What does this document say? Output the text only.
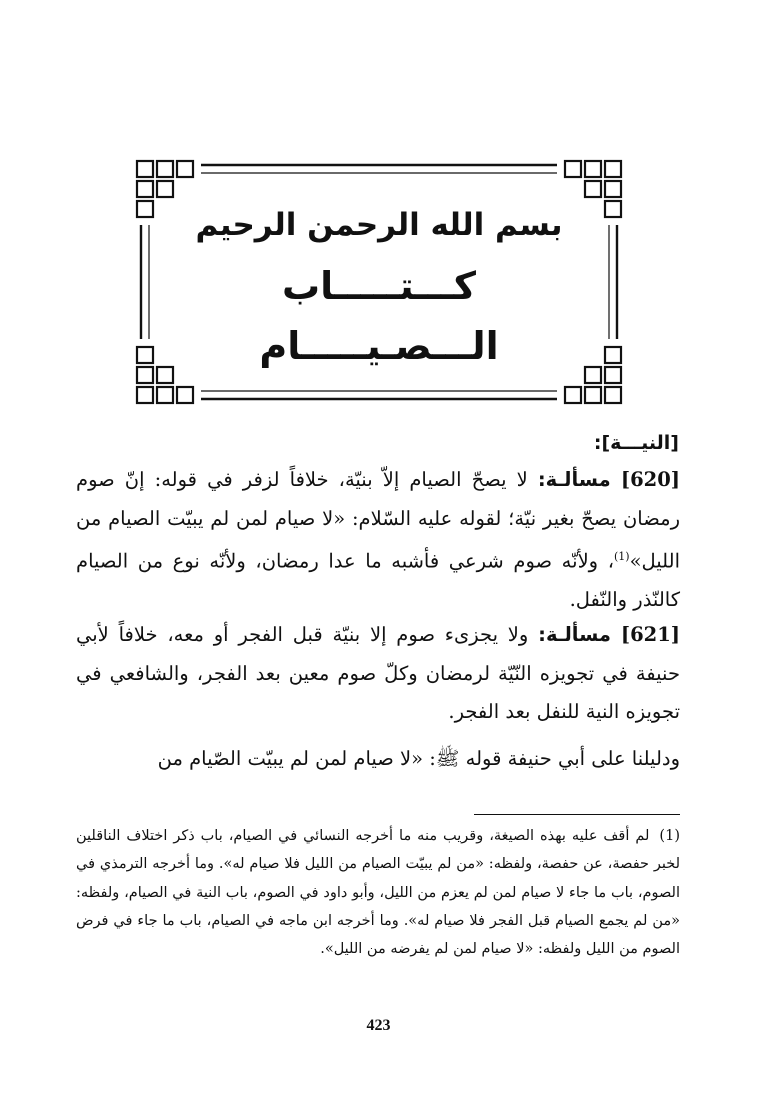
بسم الله الرحمن الرحيم
كـــتـــــاب الـــصـيـــــام
[النيـــة]:

[620] مسألـة: لا يصحّ الصيام إلاّ بنيّة، خلافاً لزفر في قوله: إنّ صوم رمضان يصحّ بغير نيّة؛ لقوله عليه السّلام: «لا صيام لمن لم يبيّت الصيام من الليل»$^{(1)}$، ولأنّه صوم شرعي فأشبه ما عدا رمضان، ولأنّه نوع من الصيام كالنّذر والنّفل.

[621] مسألـة: ولا يجزىء صوم إلا بنيّة قبل الفجر أو معه، خلافاً لأبي حنيفة في تجويزه النّيّة لرمضان وكلّ صوم معين بعد الفجر، والشافعي في تجويزه النية للنفل بعد الفجر.

ودليلنا على أبي حنيفة قوله ﷺ: «لا صيام لمن لم يبيّت الصّيام من

(1)لم أقف عليه بهذه الصيغة، وقريب منه ما أخرجه النسائي في الصيام، باب ذكر اختلاف الناقلين لخبر حفصة، عن حفصة، ولفظه: «من لم يبيّت الصيام من الليل فلا صيام له». وما أخرجه الترمذي في الصوم، باب ما جاء لا صيام لمن لم يعزم من الليل، وأبو داود في الصوم، باب النية في الصيام، ولفظه: «من لم يجمع الصيام قبل الفجر فلا صيام له». وما أخرجه ابن ماجه في الصيام، باب ما جاء في فرض الصوم من الليل ولفظه: «لا صيام لمن لم يفرضه من الليل».

423
